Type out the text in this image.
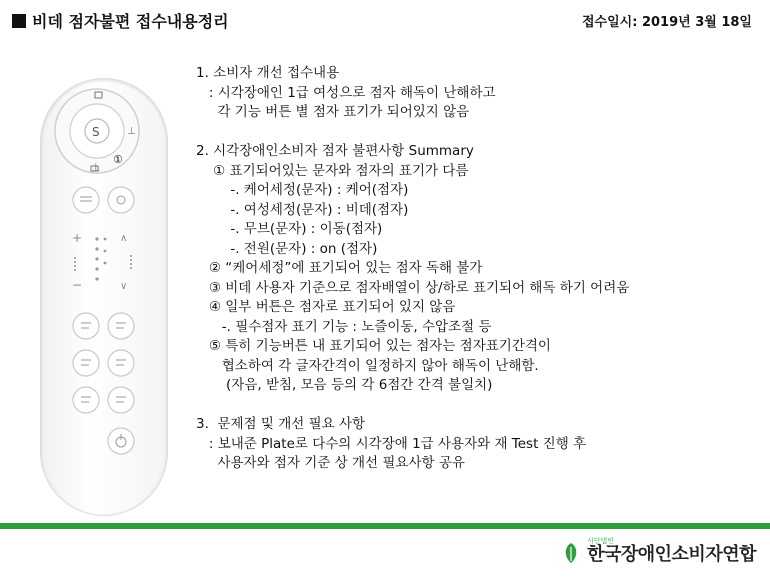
비데 점자불편 접수내용정리	접수일시: 2019년 3월 18일
S	⊥
⊥
①
+
−
∧
∨
1. 소비자 개선 접수내용
: 시각장애인 1급 여성으로 점자 해독이 난해하고
각 기능 버튼 별 점자 표기가 되어있지 않음

2. 시각장애인소비자 점자 불편사항 Summary
① 표기되어있는 문자와 점자의 표기가 다름
-. 케어세정(문자) : 케어(점자)
-. 여성세정(문자) : 비데(점자)
-. 무브(문자) : 이동(점자)
-. 전원(문자) : on (점자)
② “케어세정”에 표기되어 있는 점자 독해 불가
③ 비데 사용자 기준으로 점자배열이 상/하로 표기되어 해독 하기 어려움
④ 일부 버튼은 점자로 표기되어 있지 않음
-. 필수점자 표기 기능 : 노즐이동, 수압조절 등
⑤ 특히 기능버튼 내 표기되어 있는 점자는 점자표기간격이
협소하여 각 글자간격이 일정하지 않아 해독이 난해함.
(자음, 받침, 모음 등의 각 6점간 간격 불일치)

3.  문제점 및 개선 필요 사항
: 보내준 Plate로 다수의 시각장애 1급 사용자와 재 Test 진행 후
사용자와 점자 기준 상 개선 필요사항 공유
사단법인
한국장애인소비자연합
